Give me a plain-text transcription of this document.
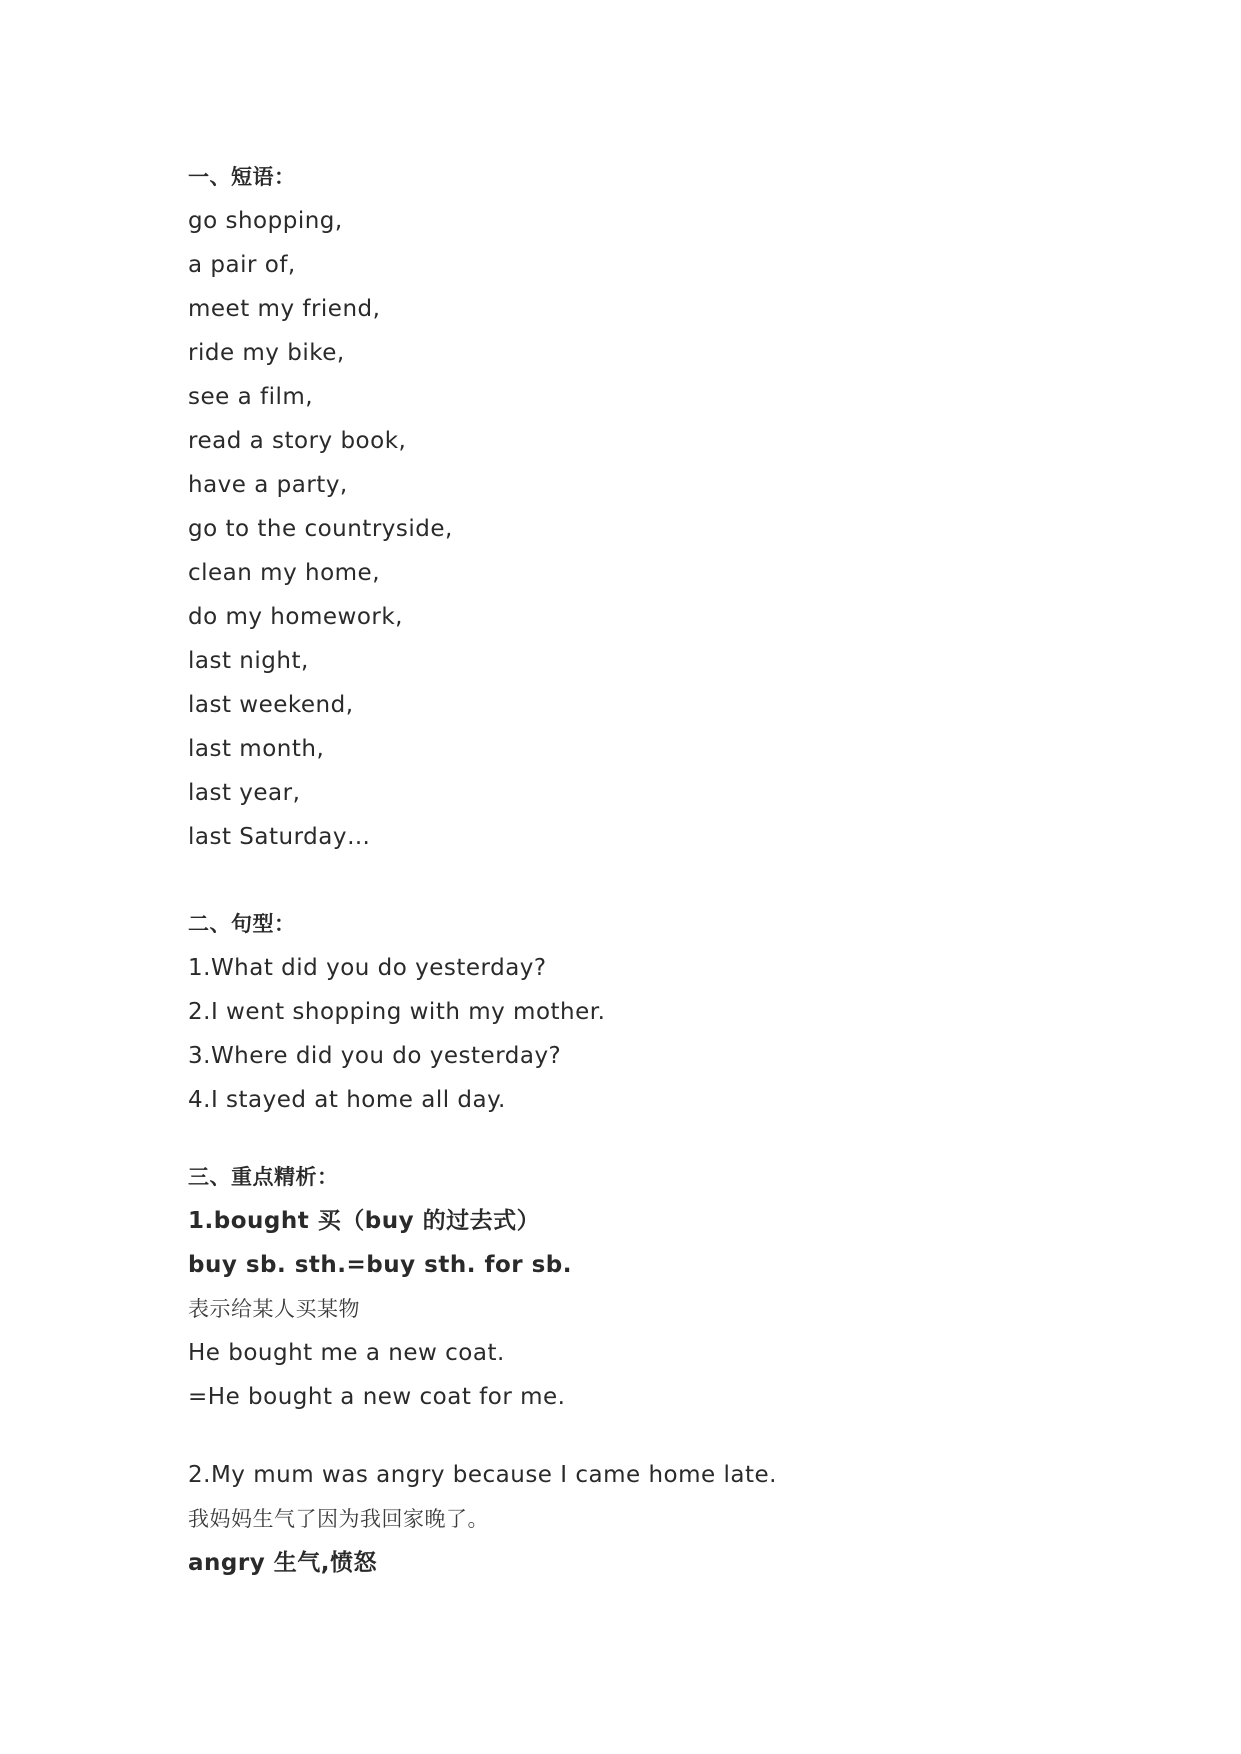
一、短语：
go shopping,
a pair of,
meet my friend,
ride my bike,
see a film,
read a story book,
have a party,
go to the countryside,
clean my home,
do my homework,
last night,
last weekend,
last month,
last year,
last Saturday…
二、句型：
1.What did you do yesterday?
2.I went shopping with my mother.
3.Where did you do yesterday?
4.I stayed at home all day.
三、重点精析：
1.bought 买（buy 的过去式）
buy sb. sth.=buy sth. for sb.
表示给某人买某物
He bought me a new coat.
=He bought a new coat for me.
2.My mum was angry because I came home late.
我妈妈生气了因为我回家晚了。
angry 生气,愤怒
